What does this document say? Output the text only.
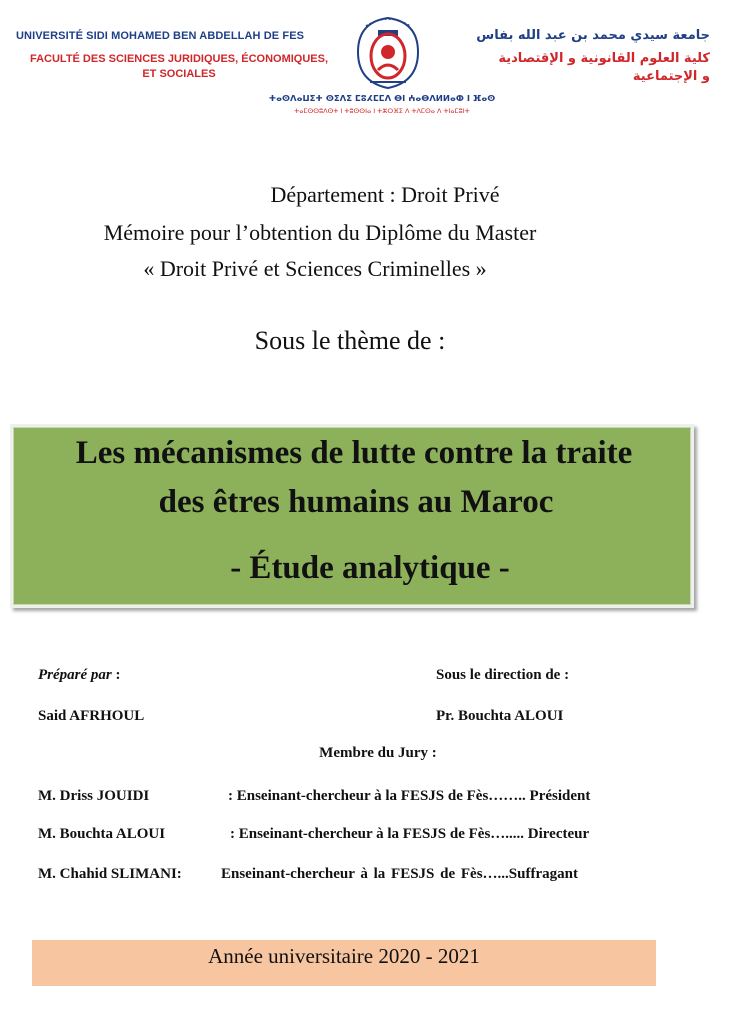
UNIVERSITÉ SIDI MOHAMED BEN ABDELLAH DE FES
FACULTÉ DES SCIENCES JURIDIQUES, ÉCONOMIQUES,
ET SOCIALES
جامعة سيدي محمد بن عبد الله بفاس
كلية العلوم القانونية و الإقتصادية
و الإجتماعية
ⵜⴰⵙⴷⴰⵡⵉⵜ ⵙⵉⴷⵉ ⵎⵓⵃⵎⵎⴷ ⴱⵏ ⵄⴰⴱⴷⵍⵍⴰⵀ ⵏ ⴼⴰⵙ
ⵜⴰⵎⵙⵙⵓⴷⵙⵜ ⵏ ⵜⵓⵙⵙⵏⴰ ⵏ ⵜⵣⵔⴼⵉ ⴷ ⵜⴷⵎⵙⴰ ⴷ ⵜⵏⴰⵎⵓⵏⵜ
Département : Droit Privé
Mémoire pour l’obtention du Diplôme du Master
« Droit Privé et Sciences Criminelles »
Sous le thème de :
Les mécanismes de lutte contre la traite
des êtres humains au Maroc
- Étude analytique -
Préparé par :	Sous le direction de :
Said AFRHOUL	Pr. Bouchta ALOUI
Membre du Jury :
M. Driss JOUIDI	: Enseinant-chercheur à la FESJS de Fès…….. Président
M. Bouchta ALOUI	: Enseinant-chercheur à la FESJS de Fès…..... Directeur
M. Chahid SLIMANI:	Enseinant-chercheur à la FESJS de Fès…...Suffragant
Année universitaire 2020 - 2021
